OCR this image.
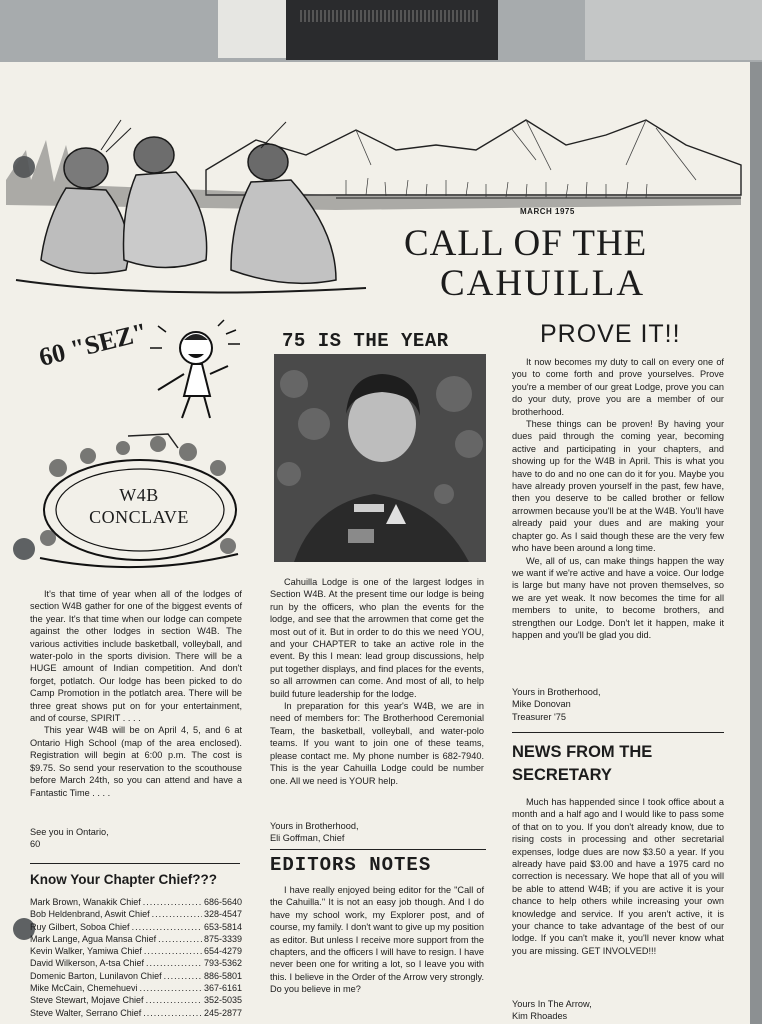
MARCH 1975
CALL OF THE
CAHUILLA
60 "SEZ"
W4B
CONCLAVE

It's that time of year when all of the lodges of section W4B gather for one of the biggest events of the year. It's that time when our lodge can compete against the other lodges in section W4B. The various activities include basketball, volleyball, and water-polo in the sports division. There will be a HUGE amount of Indian competition. And don't forget, potlatch. Our lodge has been picked to do Camp Promotion in the potlatch area. There will be three great shows put on for your entertainment, and of course, SPIRIT . . . .

This year W4B will be on April 4, 5, and 6 at Ontario High School (map of the area enclosed). Registration will begin at 6:00 p.m. The cost is $9.75. So send your reservation to the scouthouse before March 24th, so you can attend and have a Fantastic Time . . . .

See you in Ontario,
60
Know Your Chapter Chief???
Mark Brown, Wanakik Chief .....	686-5640
Bob Heldenbrand, Aswit Chief .....	328-4547
Ruy Gilbert, Soboa Chief .....	653-5814
Mark Lange, Agua Mansa Chief .....	875-3339
Kevin Walker, Yamiwa Chief .....	654-4279
David Wilkerson, A-tsa Chief .....	793-5362
Domenic Barton, Lunilavon Chief .....	886-5801
Mike McCain, Chemehuevi .....	367-6161
Steve Stewart, Mojave Chief .....	352-5035
Steve Walter, Serrano Chief .....	245-2877
75 IS THE YEAR

Cahuilla Lodge is one of the largest lodges in Section W4B. At the present time our lodge is being run by the officers, who plan the events for the lodge, and see that the arrowmen that come get the most out of it. But in order to do this we need YOU, and your CHAPTER to take an active role in the event. By this I mean: lead group discussions, help put together displays, and find places for the events, so all arrowmen can come. And most of all, to help build future leadership for the lodge.

In preparation for this year's W4B, we are in need of members for: The Brotherhood Ceremonial Team, the basketball, volleyball, and water-polo teams. If you want to join one of these teams, please contact me. My phone number is 682-7940. This is the year Cahuilla Lodge could be number one. All we need is YOUR help.

Yours in Brotherhood,
Eli Goffman, Chief
EDITORS NOTES

I have really enjoyed being editor for the "Call of the Cahuilla." It is not an easy job though. And I do have my school work, my Explorer post, and of course, my family. I don't want to give up my position as editor. But unless I receive more support from the chapters, and the officers I will have to resign. I have never been one for writing a lot, so I leave you with this. I believe in the Order of the Arrow very strongly. Do you believe in me?

PROVE IT!!

It now becomes my duty to call on every one of you to come forth and prove yourselves. Prove you're a member of our great Lodge, prove you can do your duty, prove you are a member of our brotherhood.

These things can be proven! By having your dues paid through the coming year, becoming active and participating in your chapters, and showing up for the W4B in April. This is what you have to do and no one can do it for you. Maybe you have already proven yourself in the past, few have, then you deserve to be called brother or fellow arrowmen because you'll be at the W4B. You'll have already paid your dues and are making your chapter go. As I said though these are the very few who have been around a long time.

We, all of us, can make things happen the way we want if we're active and have a voice. Our lodge is large but many have not proven themselves, so we are yet weak. It now becomes the time for all members to unite, to become brothers, and strengthen our Lodge. Don't let it happen, make it happen and you'll be glad you did.

Yours in Brotherhood,
Mike Donovan
Treasurer '75
NEWS FROM THE SECRETARY

Much has happended since I took office about a month and a half ago and I would like to pass some of that on to you. If you don't already know, due to rising costs in processing and other secretarial expenses, lodge dues are now $3.50 a year. If you already have paid $3.00 and have a 1975 card no correction is necessary. We hope that all of you will be able to attend W4B; if you are active it is your chance to help others while increasing your own knowledge and service. If you aren't active, it is your chance to take advantage of the best of our lodge. If you can't make it, you'll never know what you are missing. GET INVOLVED!!!

Yours In The Arrow,
Kim Rhoades
